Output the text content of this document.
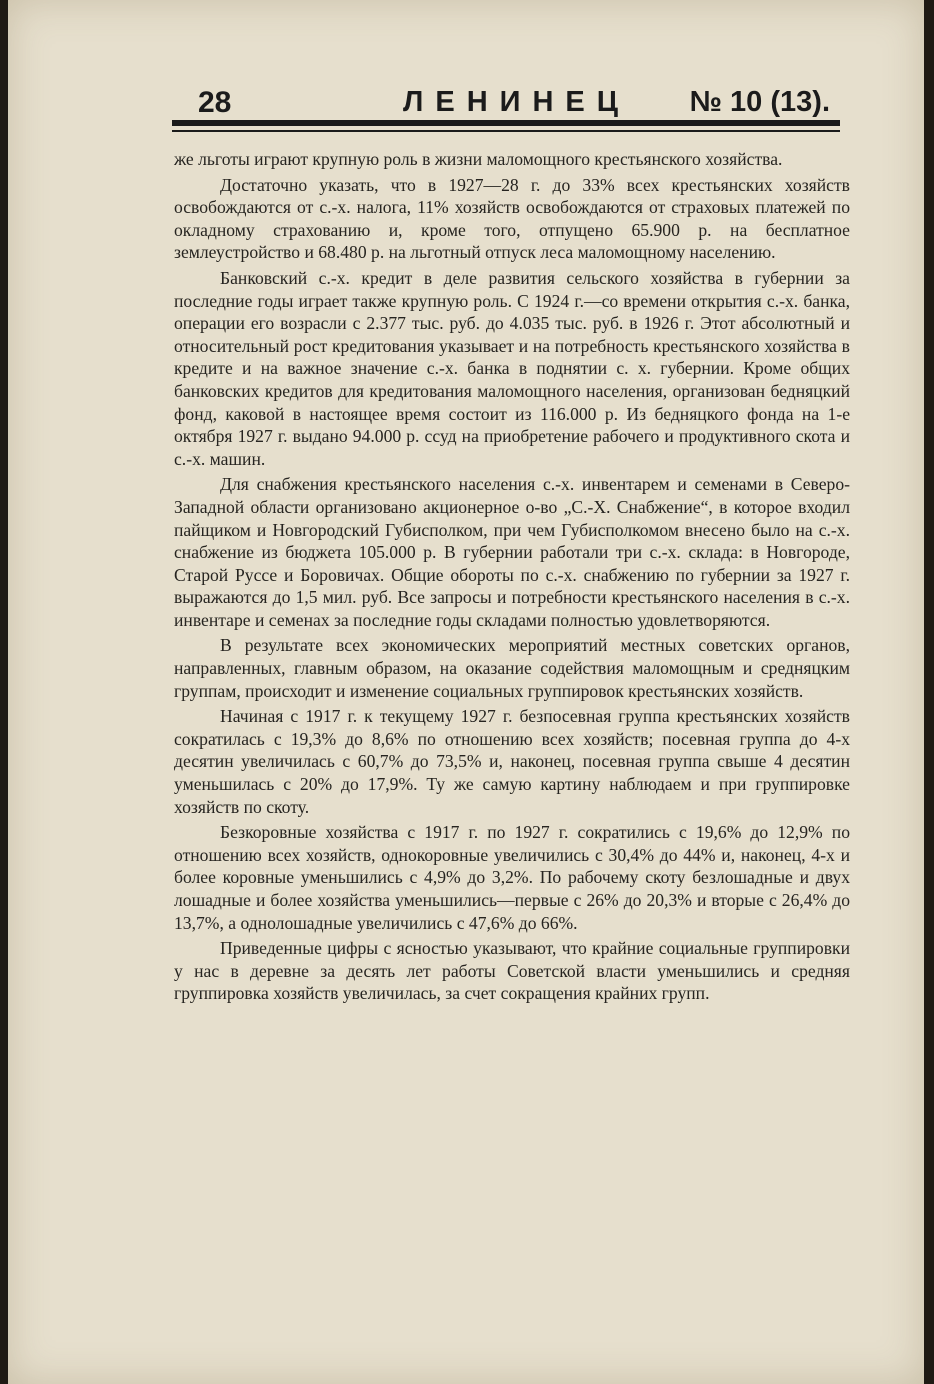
28	ЛЕНИНЕЦ № 10 (13).

же льготы играют крупную роль в жизни маломощного крестьянского хозяйства.

Достаточно указать, что в 1927—28 г. до 33% всех крестьянских хозяйств освобождаются от с.-х. налога, 11% хозяйств освобождаются от страховых платежей по окладному страхованию и, кроме того, отпущено 65.900 р. на бесплатное землеустройство и 68.480 р. на льготный отпуск леса маломощному населению.

Банковский с.-х. кредит в деле развития сельского хозяйства в губернии за последние годы играет также крупную роль. С 1924 г.—со времени открытия с.-х. банка, операции его возрасли с 2.377 тыс. руб. до 4.035 тыс. руб. в 1926 г. Этот абсолютный и относительный рост кредитования указывает и на потребность крестьянского хозяйства в кредите и на важное значение с.-х. банка в поднятии с. х. губернии. Кроме общих банковских кредитов для кредитования маломощного населения, организован бедняцкий фонд, каковой в настоящее время состоит из 116.000 р. Из бедняцкого фонда на 1-е октября 1927 г. выдано 94.000 р. ссуд на приобретение рабочего и продуктивного скота и с.-х. машин.

Для снабжения крестьянского населения с.-х. инвентарем и семенами в Северо-Западной области организовано акционерное о-во „С.-Х. Снабжение“, в которое входил пайщиком и Новгородский Губисполком, при чем Губисполкомом внесено было на с.-х. снабжение из бюджета 105.000 р. В губернии работали три с.-х. склада: в Новгороде, Старой Руссе и Боровичах. Общие обороты по с.-х. снабжению по губернии за 1927 г. выражаются до 1,5 мил. руб. Все запросы и потребности крестьянского населения в с.-х. инвентаре и семенах за последние годы складами полностью удовлетворяются.

В результате всех экономических мероприятий местных советских органов, направленных, главным образом, на оказание содействия маломощным и средняцким группам, происходит и изменение социальных группировок крестьянских хозяйств.

Начиная с 1917 г. к текущему 1927 г. безпосевная группа крестьянских хозяйств сократилась с 19,3% до 8,6% по отношению всех хозяйств; посевная группа до 4-х десятин увеличилась с 60,7% до 73,5% и, наконец, посевная группа свыше 4 десятин уменьшилась с 20% до 17,9%. Ту же самую картину наблюдаем и при группировке хозяйств по скоту.

Безкоровные хозяйства с 1917 г. по 1927 г. сократились с 19,6% до 12,9% по отношению всех хозяйств, однокоровные увеличились с 30,4% до 44% и, наконец, 4-х и более коровные уменьшились с 4,9% до 3,2%. По рабочему скоту безлошадные и двух лошадные и более хозяйства уменьшились—первые с 26% до 20,3% и вторые с 26,4% до 13,7%, а однолошадные увеличились с 47,6% до 66%.

Приведенные цифры с ясностью указывают, что крайние социальные группировки у нас в деревне за десять лет работы Советской власти уменьшились и средняя группировка хозяйств увеличилась, за счет сокращения крайних групп.
